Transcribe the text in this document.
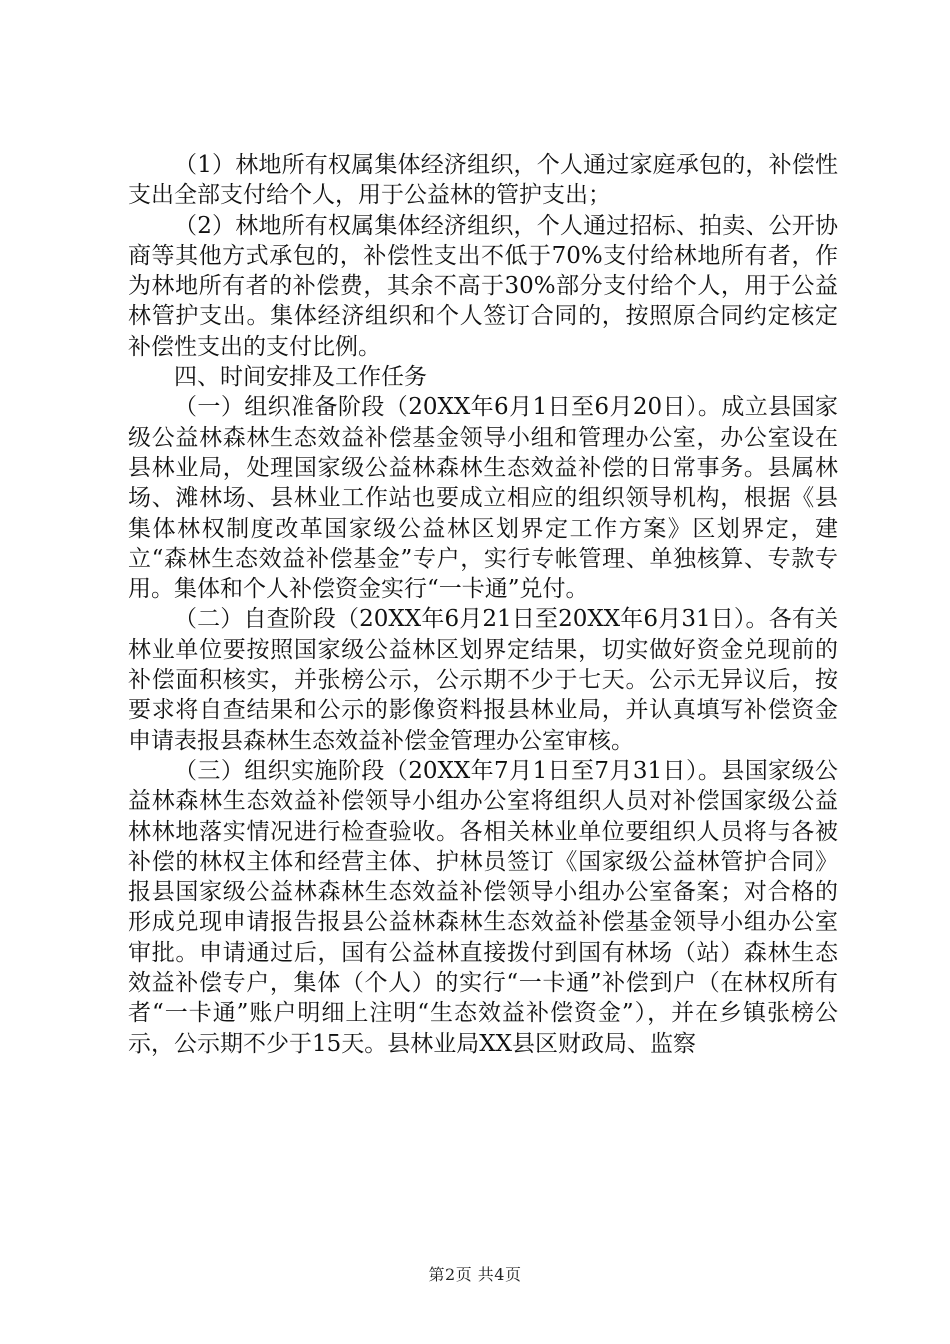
（1）林地所有权属集体经济组织，个人通过家庭承包的，补偿性支出全部支付给个人，用于公益林的管护支出；

（2）林地所有权属集体经济组织，个人通过招标、拍卖、公开协商等其他方式承包的，补偿性支出不低于70%支付给林地所有者，作为林地所有者的补偿费，其余不高于30%部分支付给个人，用于公益林管护支出。集体经济组织和个人签订合同的，按照原合同约定核定补偿性支出的支付比例。

四、时间安排及工作任务

（一）组织准备阶段（20XX年6月1日至6月20日）。成立县国家级公益林森林生态效益补偿基金领导小组和管理办公室，办公室设在县林业局，处理国家级公益林森林生态效益补偿的日常事务。县属林场、滩林场、县林业工作站也要成立相应的组织领导机构，根据《县集体林权制度改革国家级公益林区划界定工作方案》区划界定，建立“森林生态效益补偿基金”专户，实行专帐管理、单独核算、专款专用。集体和个人补偿资金实行“一卡通”兑付。

（二）自查阶段（20XX年6月21日至20XX年6月31日）。各有关林业单位要按照国家级公益林区划界定结果，切实做好资金兑现前的补偿面积核实，并张榜公示，公示期不少于七天。公示无异议后，按要求将自查结果和公示的影像资料报县林业局，并认真填写补偿资金申请表报县森林生态效益补偿金管理办公室审核。

（三）组织实施阶段（20XX年7月1日至7月31日）。县国家级公益林森林生态效益补偿领导小组办公室将组织人员对补偿国家级公益林林地落实情况进行检查验收。各相关林业单位要组织人员将与各被补偿的林权主体和经营主体、护林员签订《国家级公益林管护合同》报县国家级公益林森林生态效益补偿领导小组办公室备案；对合格的形成兑现申请报告报县公益林森林生态效益补偿基金领导小组办公室审批。申请通过后，国有公益林直接拨付到国有林场（站）森林生态效益补偿专户，集体（个人）的实行“一卡通”补偿到户（在林权所有者“一卡通”账户明细上注明“生态效益补偿资金”），并在乡镇张榜公示，公示期不少于15天。县林业局XX县区财政局、监察

第2页 共4页
